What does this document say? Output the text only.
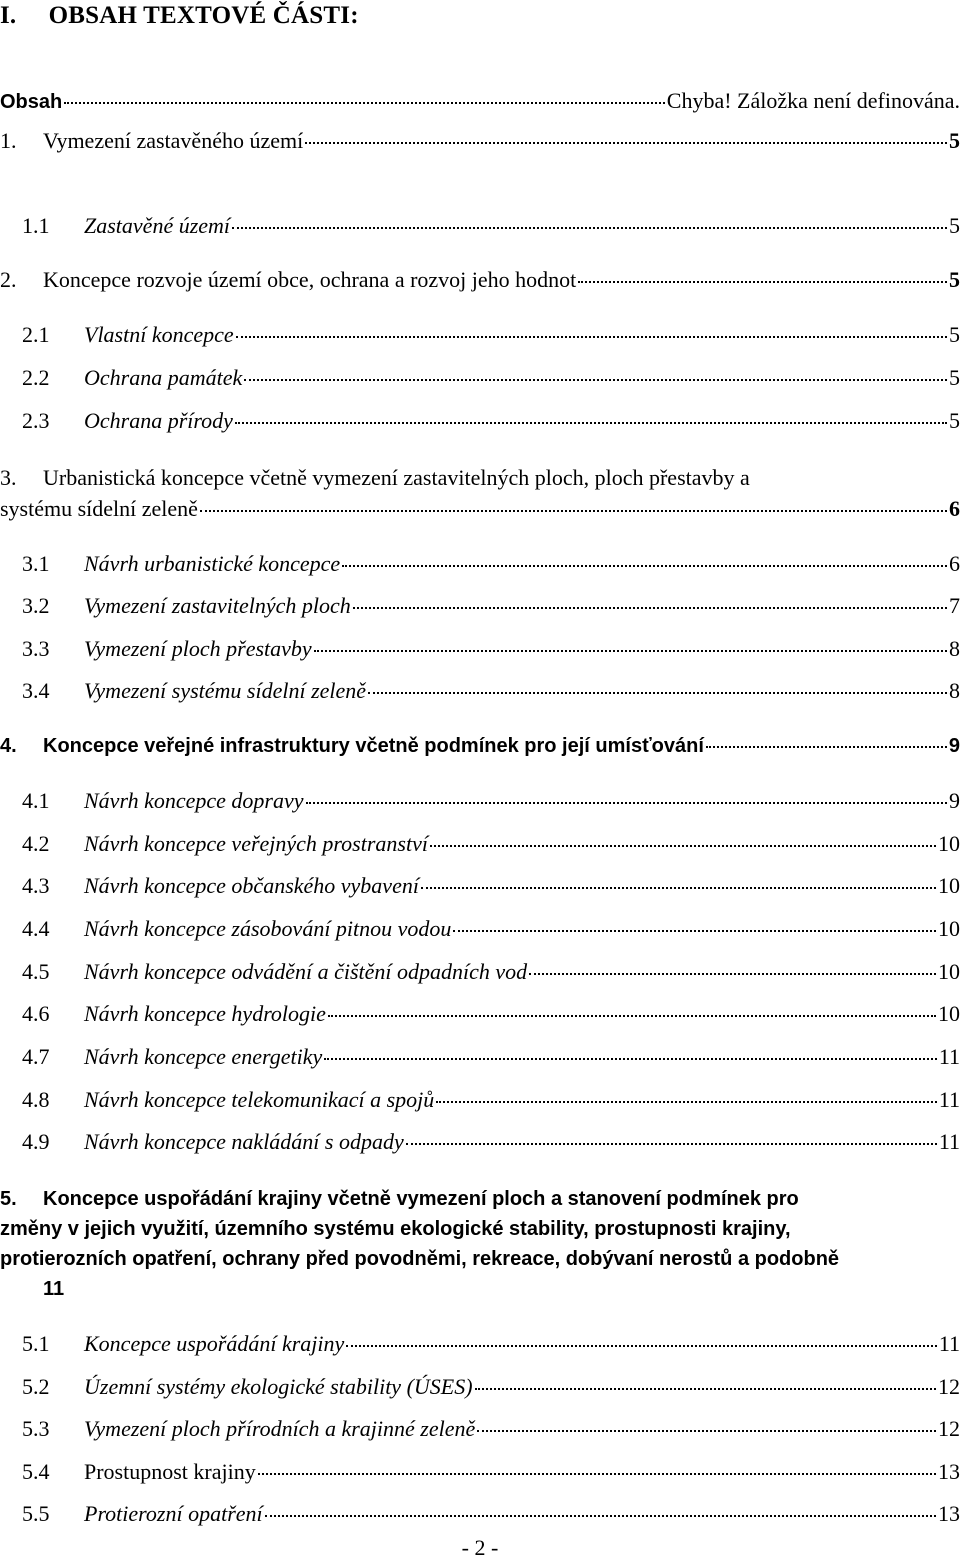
I.     OBSAH TEXTOVÉ ČÁSTI:
Obsah	Chyba! Záložka není definována.
1.	Vymezení zastavěného území	5
1.1	Zastavěné území	5
2.	Koncepce rozvoje území obce, ochrana a rozvoj jeho hodnot	5
2.1	Vlastní koncepce	5
2.2	Ochrana památek	5
2.3	Ochrana přírody	5
3. Urbanistická koncepce včetně vymezení zastavitelných ploch, ploch přestavby a
systému sídelní zeleně	6
3.1	Návrh urbanistické koncepce	6
3.2	Vymezení zastavitelných ploch	7
3.3	Vymezení ploch přestavby	8
3.4	Vymezení systému sídelní zeleně	8
4.	Koncepce veřejné infrastruktury včetně podmínek pro její umísťování	9
4.1	Návrh koncepce dopravy	9
4.2	Návrh koncepce veřejných prostranství	10
4.3	Návrh koncepce občanského vybavení	10
4.4	Návrh koncepce zásobování pitnou vodou	10
4.5	Návrh koncepce odvádění a čištění odpadních vod	10
4.6	Návrh koncepce hydrologie	10
4.7	Návrh koncepce energetiky	11
4.8	Návrh koncepce telekomunikací a spojů	11
4.9	Návrh koncepce nakládání s odpady	11
5. Koncepce uspořádání krajiny včetně vymezení ploch a stanovení podmínek pro
změny v jejich využití, územního systému ekologické stability, prostupnosti krajiny,
protierozních opatření, ochrany před povodněmi, rekreace, dobývaní nerostů a podobně
11
5.1	Koncepce uspořádání krajiny	11
5.2	Územní systémy ekologické stability (ÚSES)	12
5.3	Vymezení ploch přírodních a krajinné zeleně	12
5.4	Prostupnost krajiny	13
5.5	Protierozní opatření	13
- 2 -
